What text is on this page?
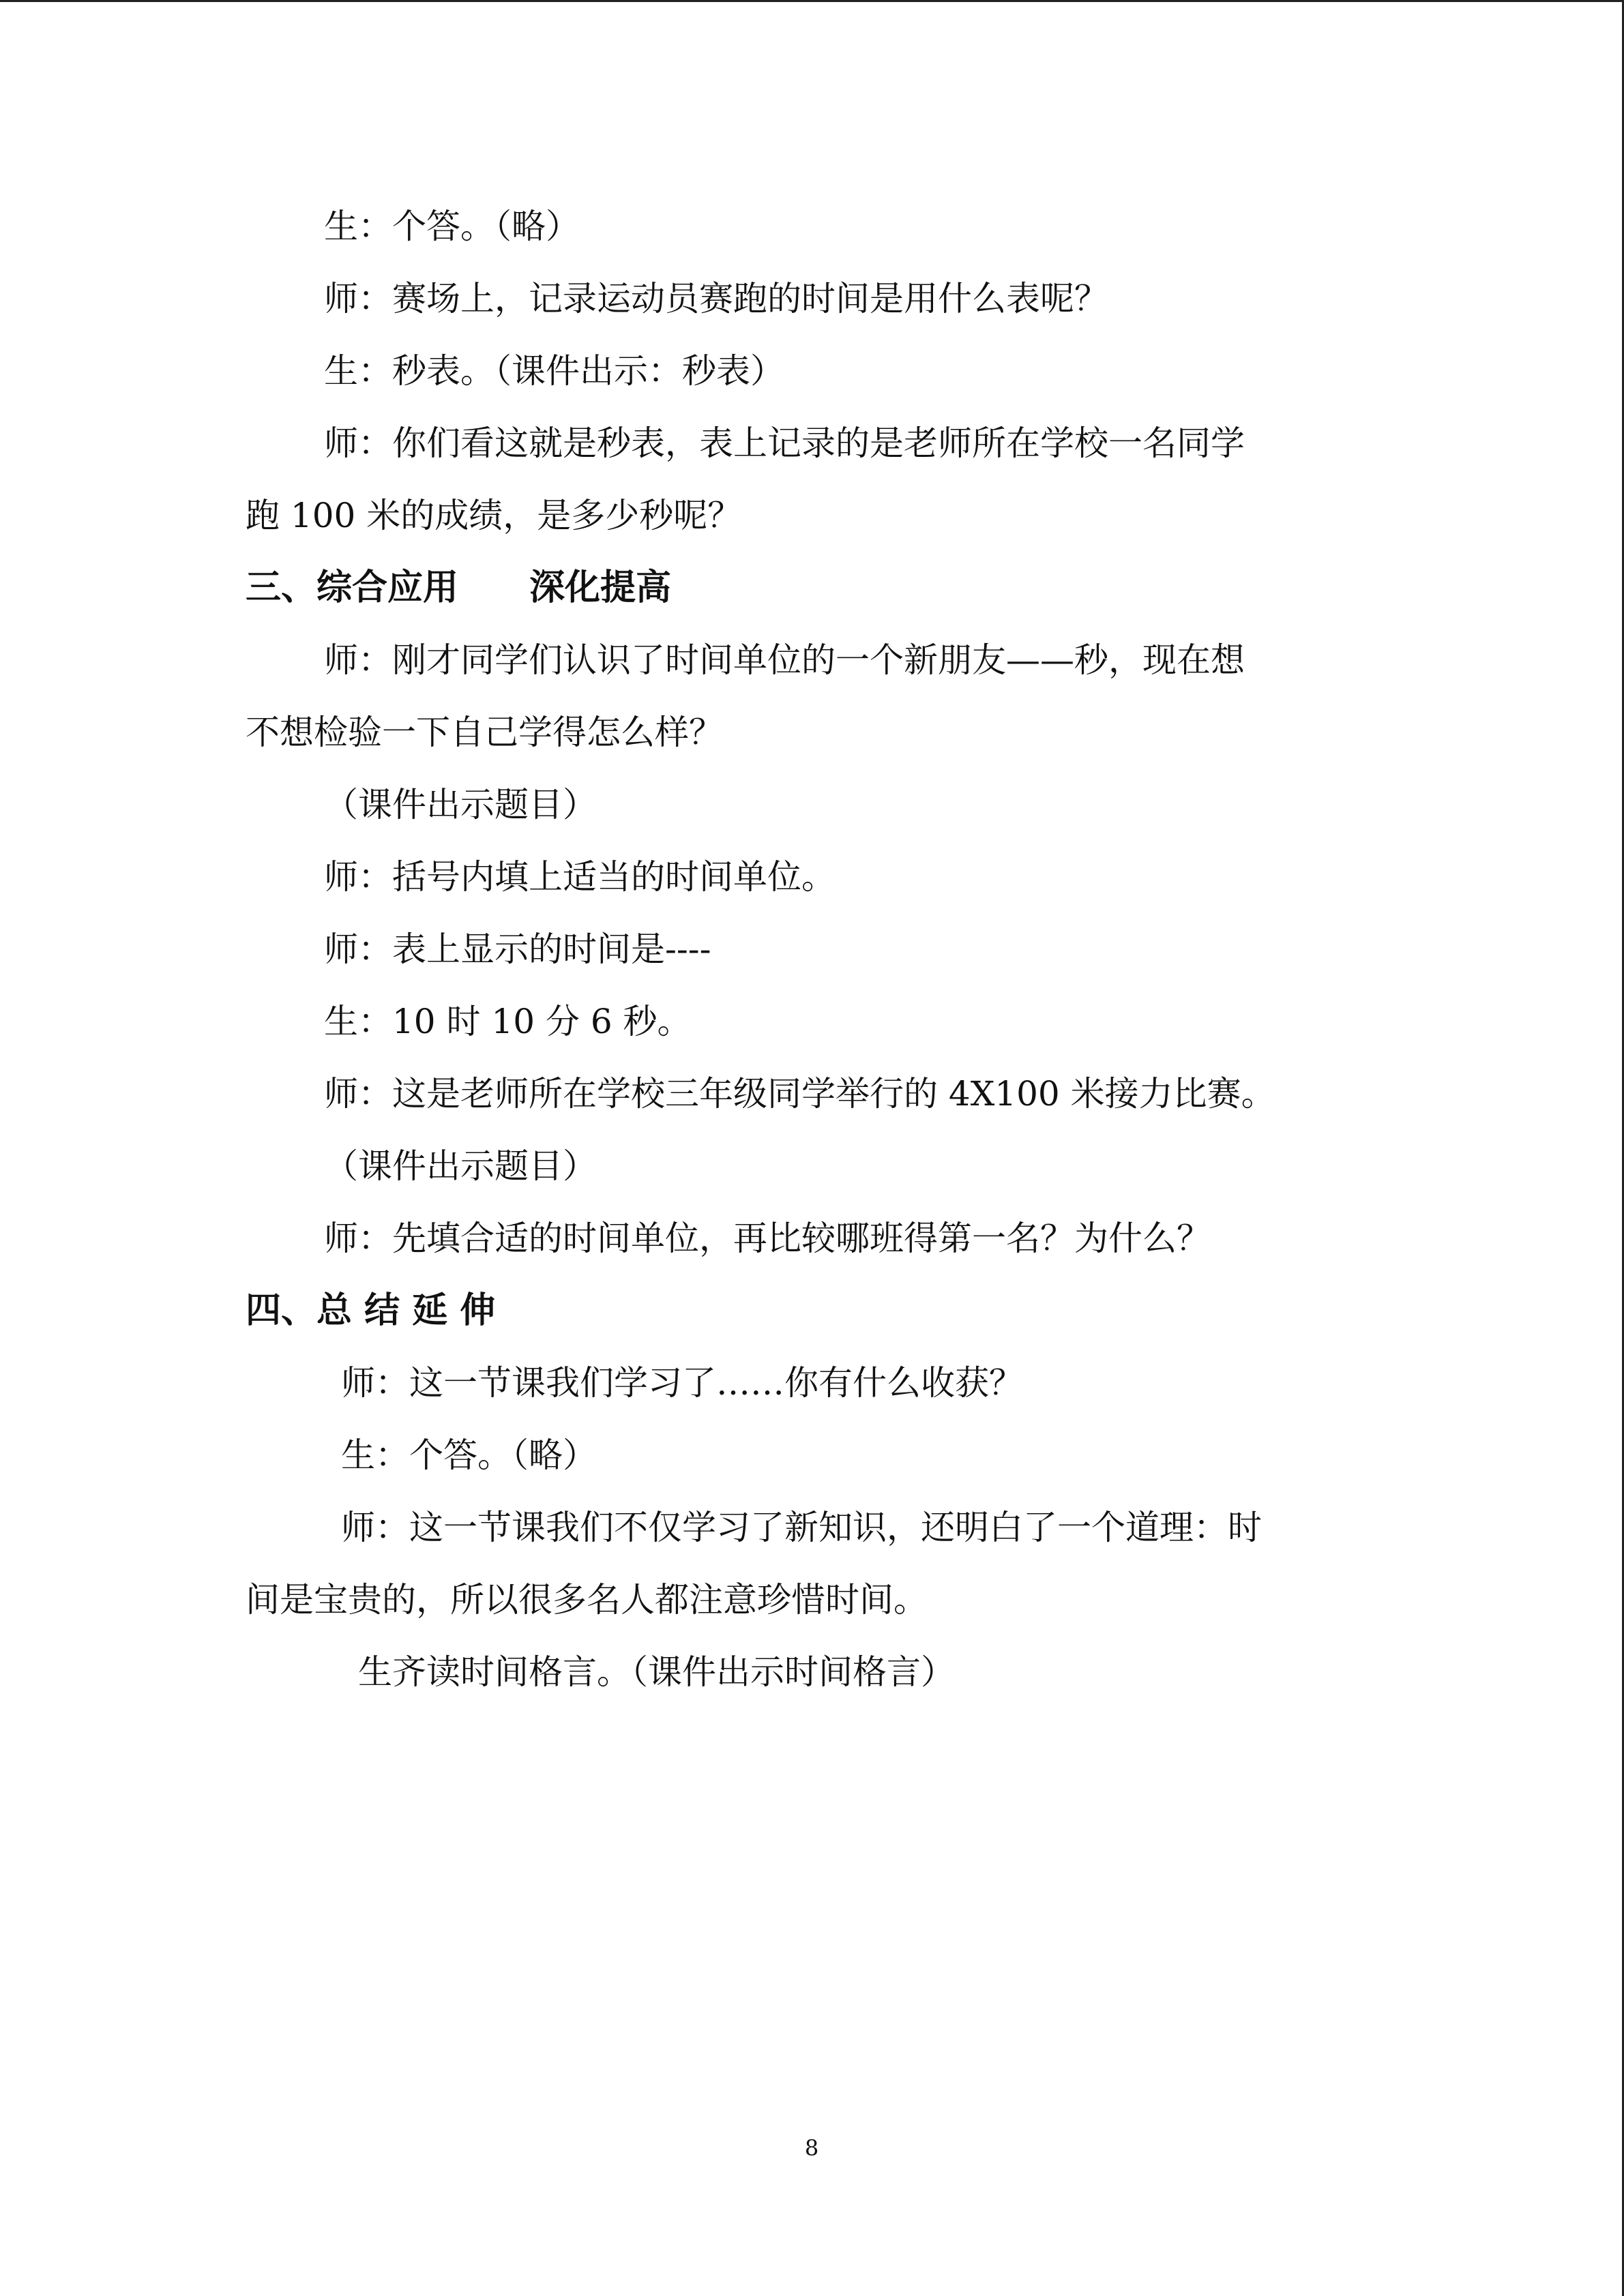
生：个答。（略）
师：赛场上，记录运动员赛跑的时间是用什么表呢？
生：秒表。（课件出示：秒表）
师：你们看这就是秒表，表上记录的是老师所在学校一名同学
跑 100 米的成绩，是多少秒呢？
三、综合应用　　深化提高
师：刚才同学们认识了时间单位的一个新朋友——秒，现在想
不想检验一下自己学得怎么样？
（课件出示题目）
师：括号内填上适当的时间单位。
师：表上显示的时间是----
生：10 时 10 分 6 秒。
师：这是老师所在学校三年级同学举行的 4X100 米接力比赛。
（课件出示题目）
师：先填合适的时间单位，再比较哪班得第一名？为什么？
四、总 结 延 伸
师：这一节课我们学习了……你有什么收获？
生：个答。（略）
师：这一节课我们不仅学习了新知识，还明白了一个道理：时
间是宝贵的，所以很多名人都注意珍惜时间。
生齐读时间格言。（课件出示时间格言）
8
